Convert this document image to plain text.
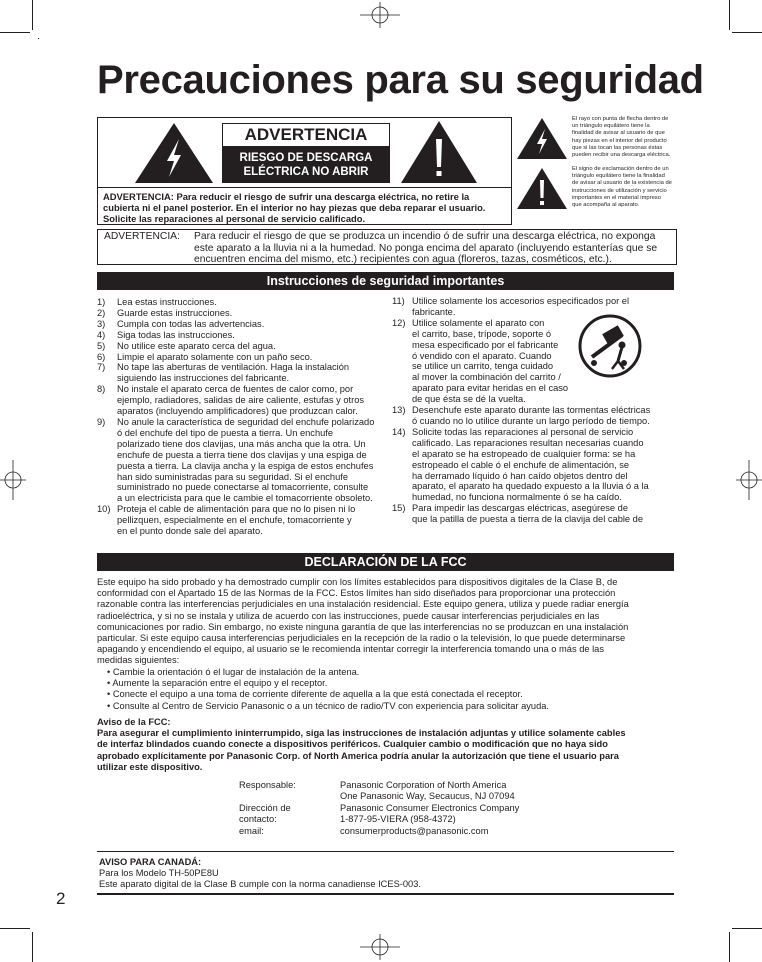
Precauciones para su seguridad
ADVERTENCIA
RIESGO DE DESCARGA
ELÉCTRICA NO ABRIR
ADVERTENCIA: Para reducir el riesgo de sufrir una descarga eléctrica, no retire la
cubierta ni el panel posterior. En el interior no hay piezas que deba reparar el usuario.
Solicite las reparaciones al personal de servicio calificado.
El rayo con punta de flecha dentro de un triángulo equilátero tiene la finalidad de avisar al usuario de que hay piezas en el interior del producto que si las tocan las personas éstas pueden recibir una descarga eléctrica.
El signo de exclamación dentro de un triángulo equilátero tiene la finalidad de avisar al usuario de la existencia de instrucciones de utilización y servicio importantes en el material impreso que acompaña al aparato.
ADVERTENCIA: Para reducir el riesgo de que se produzca un incendio ó de sufrir una descarga eléctrica, no exponga
este aparato a la lluvia ni a la humedad. No ponga encima del aparato (incluyendo estanterías que se
encuentren encima del mismo, etc.) recipientes con agua (floreros, tazas, cosméticos, etc.).
Instrucciones de seguridad importantes
1) Lea estas instrucciones.
2) Guarde estas instrucciones.
3) Cumpla con todas las advertencias.
4) Siga todas las instrucciones.
5) No utilice este aparato cerca del agua.
6) Limpie el aparato solamente con un paño seco.
7) No tape las aberturas de ventilación. Haga la instalación
siguiendo las instrucciones del fabricante.
8) No instale el aparato cerca de fuentes de calor como, por
ejemplo, radiadores, salidas de aire caliente, estufas y otros
aparatos (incluyendo amplificadores) que produzcan calor.
9) No anule la característica de seguridad del enchufe polarizado
ó del enchufe del tipo de puesta a tierra. Un enchufe
polarizado tiene dos clavijas, una más ancha que la otra. Un
enchufe de puesta a tierra tiene dos clavijas y una espiga de
puesta a tierra. La clavija ancha y la espiga de estos enchufes
han sido suministradas para su seguridad. Si el enchufe
suministrado no puede conectarse al tomacorriente, consulte
a un electricista para que le cambie el tomacorriente obsoleto.
10) Proteja el cable de alimentación para que no lo pisen ni lo
pellizquen, especialmente en el enchufe, tomacorriente y
en el punto donde sale del aparato.
11) Utilice solamente los accesorios especificados por el
fabricante.
12) Utilice solamente el aparato con
el carrito, base, trípode, soporte ó
mesa especificado por el fabricante
ó vendido con el aparato. Cuando
se utilice un carrito, tenga cuidado
al mover la combinación del carrito /
aparato para evitar heridas en el caso
de que ésta se dé la vuelta.
13) Desenchufe este aparato durante las tormentas eléctricas
ó cuando no lo utilice durante un largo período de tiempo.
14) Solicite todas las reparaciones al personal de servicio
calificado. Las reparaciones resultan necesarias cuando
el aparato se ha estropeado de cualquier forma: se ha
estropeado el cable ó el enchufe de alimentación, se
ha derramado líquido ó han caído objetos dentro del
aparato, el aparato ha quedado expuesto a la lluvia ó a la
humedad, no funciona normalmente ó se ha caído.
15) Para impedir las descargas eléctricas, asegúrese de
que la patilla de puesta a tierra de la clavija del cable de
DECLARACIÓN DE LA FCC
Este equipo ha sido probado y ha demostrado cumplir con los límites establecidos para dispositivos digitales de la Clase B, de
conformidad con el Apartado 15 de las Normas de la FCC. Estos límites han sido diseñados para proporcionar una protección
razonable contra las interferencias perjudiciales en una instalación residencial. Este equipo genera, utiliza y puede radiar energía
radioeléctrica, y si no se instala y utiliza de acuerdo con las instrucciones, puede causar interferencias perjudiciales en las
comunicaciones por radio. Sin embargo, no existe ninguna garantía de que las interferencias no se produzcan en una instalación
particular. Si este equipo causa interferencias perjudiciales en la recepción de la radio o la televisión, lo que puede determinarse
apagando y encendiendo el equipo, al usuario se le recomienda intentar corregir la interferencia tomando una o más de las
medidas siguientes:
• Cambie la orientación ó el lugar de instalación de la antena.
• Aumente la separación entre el equipo y el receptor.
• Conecte el equipo a una toma de corriente diferente de aquella a la que está conectada el receptor.
• Consulte al Centro de Servicio Panasonic o a un técnico de radio/TV con experiencia para solicitar ayuda.
Aviso de la FCC:
Para asegurar el cumplimiento ininterrumpido, siga las instrucciones de instalación adjuntas y utilice solamente cables
de interfaz blindados cuando conecte a dispositivos periféricos. Cualquier cambio o modificación que no haya sido
aprobado explícitamente por Panasonic Corp. of North America podría anular la autorización que tiene el usuario para
utilizar este dispositivo.
Responsable:	Panasonic Corporation of North America
One Panasonic Way, Secaucus, NJ 07094
Dirección de
contacto:
Panasonic Consumer Electronics Company
1-877-95-VIERA (958-4372)
email:	consumerproducts@panasonic.com
AVISO PARA CANADÁ:
Para los Modelo TH-50PE8U
Este aparato digital de la Clase B cumple con la norma canadiense ICES-003.
2
